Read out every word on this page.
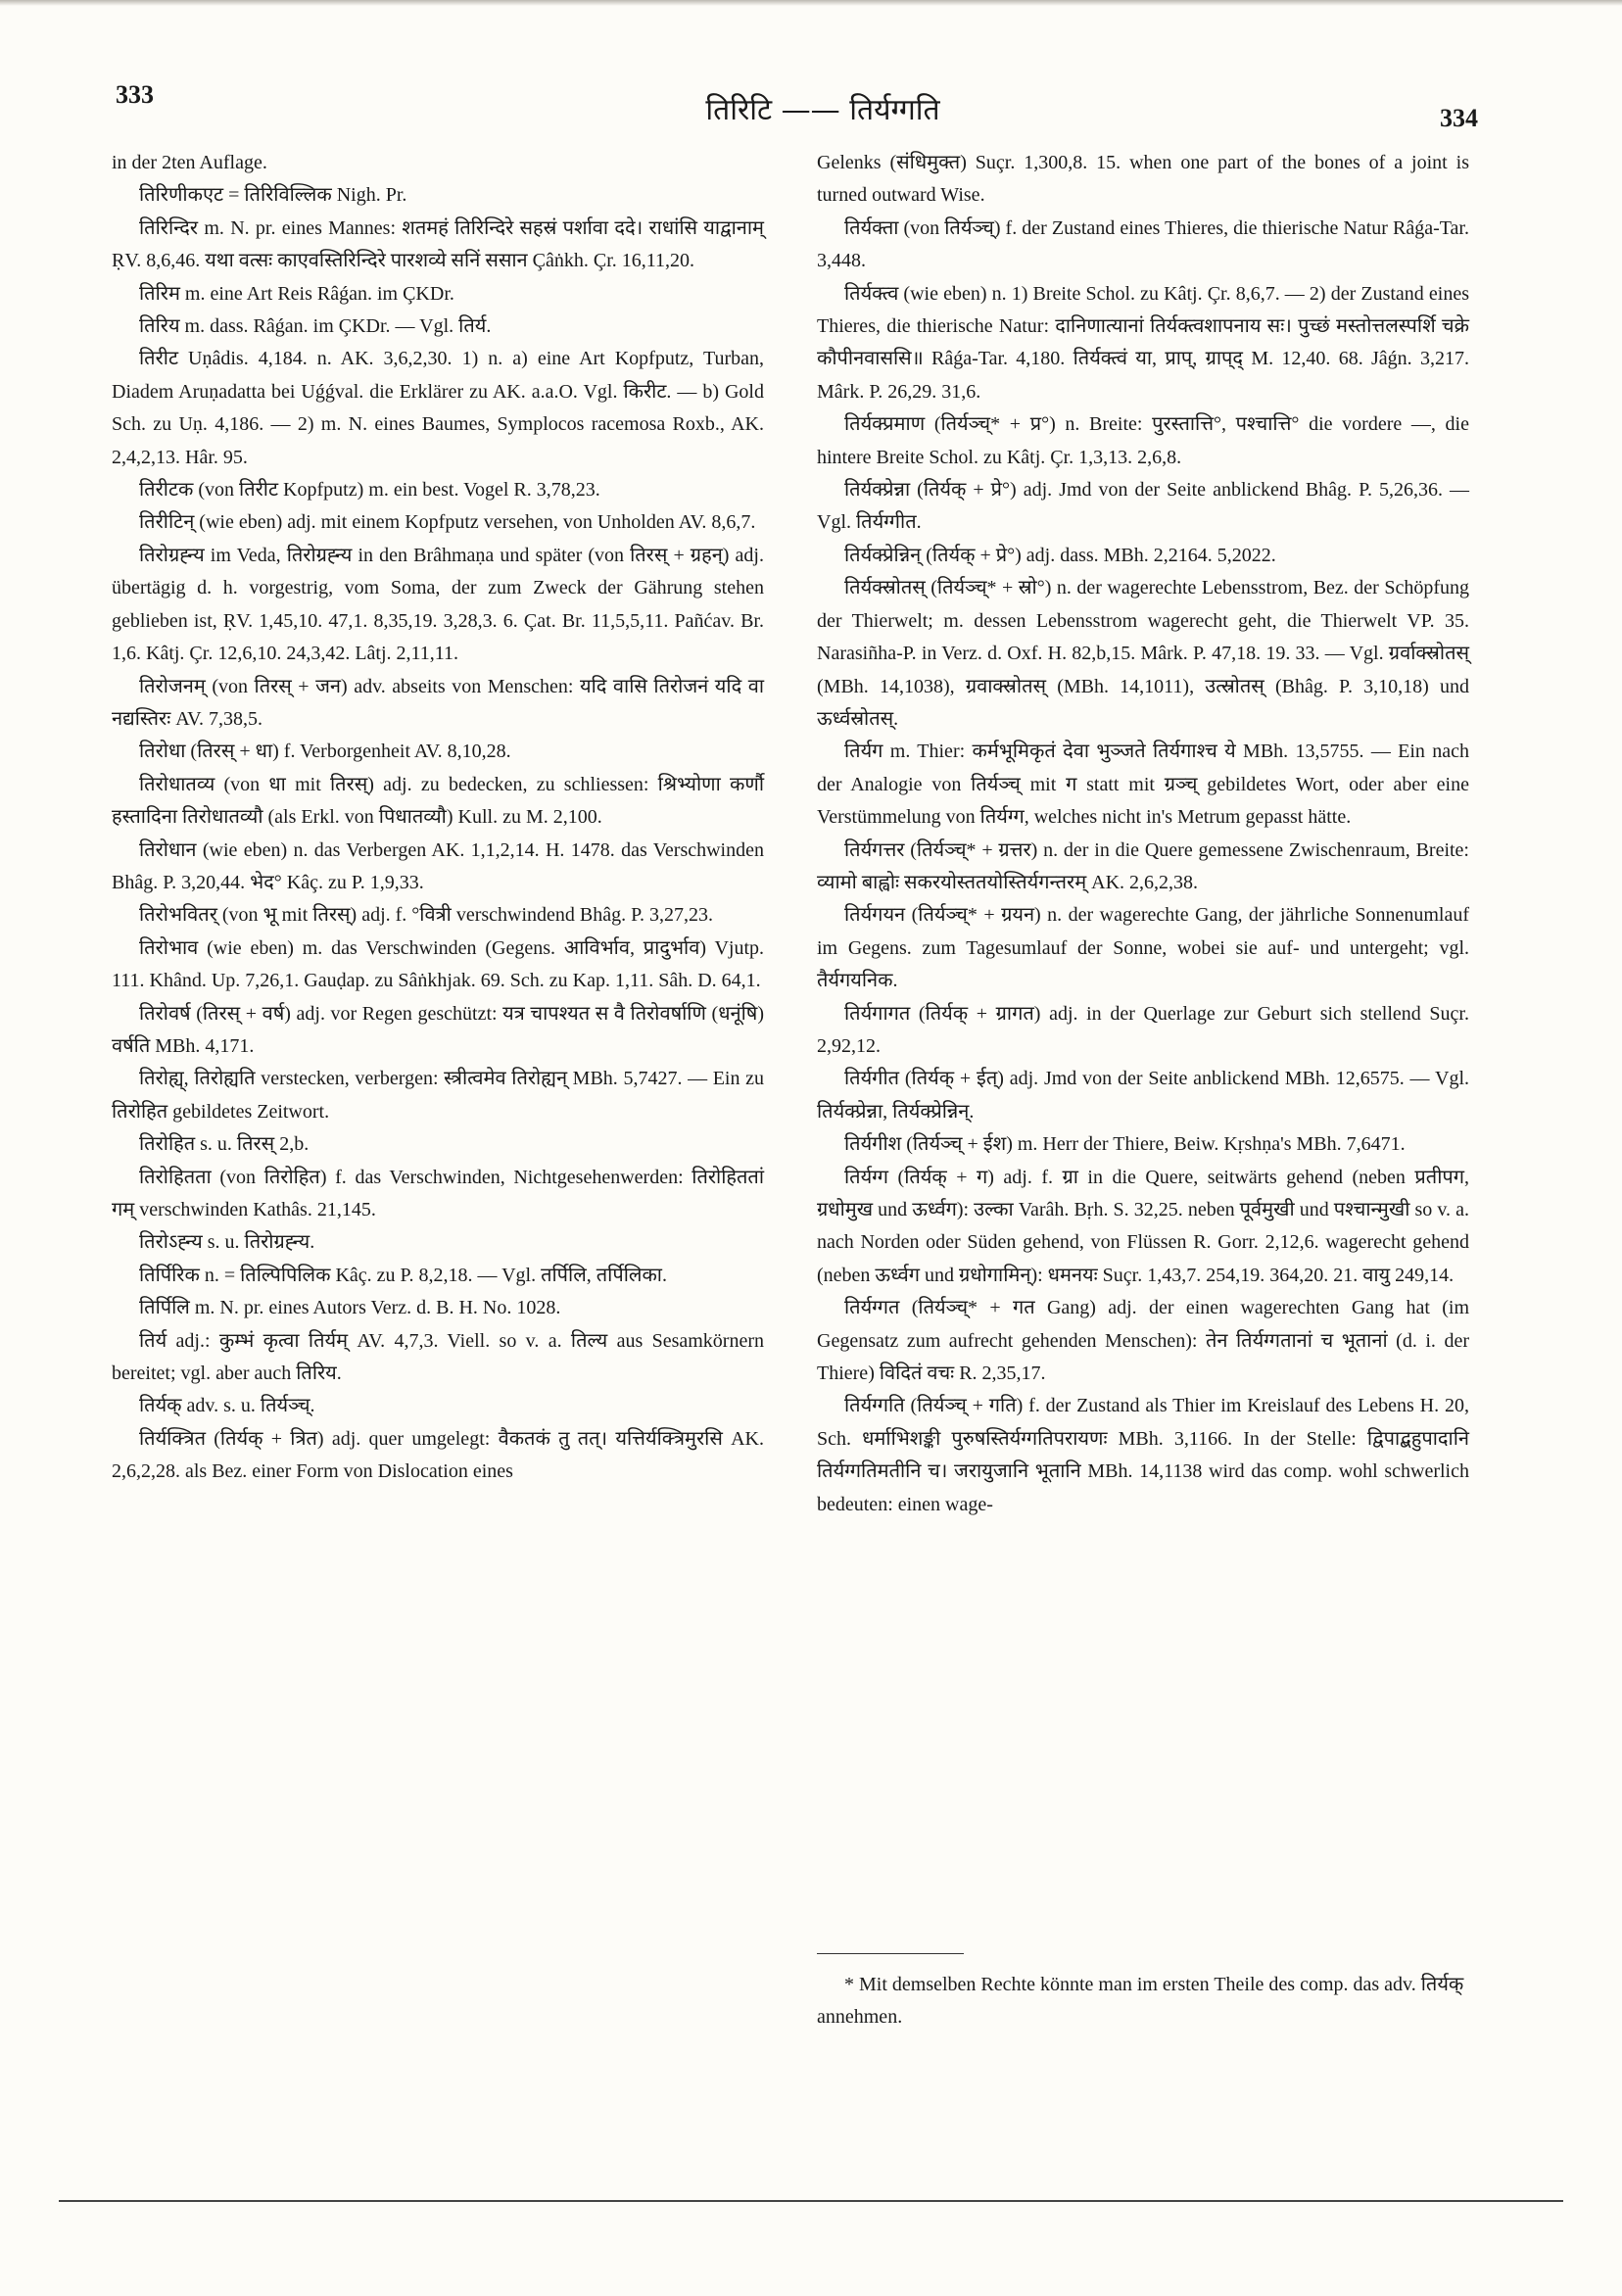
333	तिरिटि —— तिर्यग्गति	334

in der 2ten Auflage.

तिरिणीकएट = तिरिविल्लिक Nigh. Pr.

तिरिन्दिर m. N. pr. eines Mannes: शतमहं तिरिन्दिरे सहस्रं पर्शावा ददे। राधांसि याद्वानाम् ṚV. 8,6,46. यथा वत्सः काएवस्तिरिन्दिरे पारशव्ये सनिं ससान Çâṅkh. Çr. 16,11,20.

तिरिम m. eine Art Reis Râǵan. im ÇKDr.

तिरिय m. dass. Râǵan. im ÇKDr. — Vgl. तिर्य.

तिरीट Uṇâdis. 4,184. n. AK. 3,6,2,30. 1) n. a) eine Art Kopfputz, Turban, Diadem Aruṇadatta bei Uǵǵval. die Erklärer zu AK. a.a.O. Vgl. किरीट. — b) Gold Sch. zu Uṇ. 4,186. — 2) m. N. eines Baumes, Symplocos racemosa Roxb., AK. 2,4,2,13. Hâr. 95.

तिरीटक (von तिरीट Kopfputz) m. ein best. Vogel R. 3,78,23.

तिरीटिन् (wie eben) adj. mit einem Kopfputz versehen, von Unholden AV. 8,6,7.

तिरोग्रह्न्य im Veda, तिरोग्रह्न्य in den Brâhmaṇa und später (von तिरस् + ग्रहन्) adj. übertägig d. h. vorgestrig, vom Soma, der zum Zweck der Gährung stehen geblieben ist, ṚV. 1,45,10. 47,1. 8,35,19. 3,28,3. 6. Çat. Br. 11,5,5,11. Pañćav. Br. 1,6. Kâtj. Çr. 12,6,10. 24,3,42. Lâtj. 2,11,11.

तिरोजनम् (von तिरस् + जन) adv. abseits von Menschen: यदि वासि तिरोजनं यदि वा नद्यस्तिरः AV. 7,38,5.

तिरोधा (तिरस् + धा) f. Verborgenheit AV. 8,10,28.

तिरोधातव्य (von धा mit तिरस्) adj. zu bedecken, zu schliessen: श्रिभ्योणा कर्णौ हस्तादिना तिरोधातव्यौ (als Erkl. von पिधातव्यौ) Kull. zu M. 2,100.

तिरोधान (wie eben) n. das Verbergen AK. 1,1,2,14. H. 1478. das Verschwinden Bhâg. P. 3,20,44. भेद° Kâç. zu P. 1,9,33.

तिरोभवितर् (von भू mit तिरस्) adj. f. °वित्री verschwindend Bhâg. P. 3,27,23.

तिरोभाव (wie eben) m. das Verschwinden (Gegens. आविर्भाव, प्रादुर्भाव) Vjutp. 111. Khând. Up. 7,26,1. Gauḍap. zu Sâṅkhjak. 69. Sch. zu Kap. 1,11. Sâh. D. 64,1.

तिरोवर्ष (तिरस् + वर्ष) adj. vor Regen geschützt: यत्र चापश्यत स वै तिरोवर्षाणि (धनूंषि) वर्षति MBh. 4,171.

तिरोह्य्, तिरोह्यति verstecken, verbergen: स्त्रीत्वमेव तिरोह्यन् MBh. 5,7427. — Ein zu तिरोहित gebildetes Zeitwort.

तिरोहित s. u. तिरस् 2,b.

तिरोहितता (von तिरोहित) f. das Verschwinden, Nichtgesehenwerden: तिरोहिततां गम् verschwinden Kathâs. 21,145.

तिरोऽह्न्य s. u. तिरोग्रह्न्य.

तिर्पिरिक n. = तिल्पिपिलिक Kâç. zu P. 8,2,18. — Vgl. तर्पिलि, तर्पिलिका.

तिर्पिलि m. N. pr. eines Autors Verz. d. B. H. No. 1028.

तिर्य adj.: कुम्भं कृत्वा तिर्यम् AV. 4,7,3. Viell. so v. a. तिल्य aus Sesamkörnern bereitet; vgl. aber auch तिरिय.

तिर्यक् adv. s. u. तिर्यञ्च्.

तिर्यक्त्रित (तिर्यक् + त्रित) adj. quer umgelegt: वैकतकं तु तत्। यत्तिर्यक्त्रिमुरसि AK. 2,6,2,28. als Bez. einer Form von Dislocation eines

Gelenks (संधिमुक्त) Suçr. 1,300,8. 15. when one part of the bones of a joint is turned outward Wise.

तिर्यक्ता (von तिर्यञ्च्) f. der Zustand eines Thieres, die thierische Natur Râǵa-Tar. 3,448.

तिर्यक्त्व (wie eben) n. 1) Breite Schol. zu Kâtj. Çr. 8,6,7. — 2) der Zustand eines Thieres, die thierische Natur: दानिणात्यानां तिर्यक्त्वशापनाय सः। पुच्छं मस्तोत्तलस्पर्शि चक्रे कौपीनवाससि॥ Râǵa-Tar. 4,180. तिर्यक्त्वं या, प्राप्, ग्राप्‌द् M. 12,40. 68. Jâǵn. 3,217. Mârk. P. 26,29. 31,6.

तिर्यक्प्रमाण (तिर्यञ्च्* + प्र°) n. Breite: पुरस्तात्ति°, पश्चात्ति° die vordere —, die hintere Breite Schol. zu Kâtj. Çr. 1,3,13. 2,6,8.

तिर्यक्प्रेन्ना (तिर्यक् + प्रे°) adj. Jmd von der Seite anblickend Bhâg. P. 5,26,36. — Vgl. तिर्यग्गीत.

तिर्यक्प्रेन्निन् (तिर्यक् + प्रे°) adj. dass. MBh. 2,2164. 5,2022.

तिर्यक्स्रोतस् (तिर्यञ्च्* + स्रो°) n. der wagerechte Lebensstrom, Bez. der Schöpfung der Thierwelt; m. dessen Lebensstrom wagerecht geht, die Thierwelt VP. 35. Narasiñha-P. in Verz. d. Oxf. H. 82,b,15. Mârk. P. 47,18. 19. 33. — Vgl. ग्रर्वाक्स्रोतस् (MBh. 14,1038), ग्रवाक्स्रोतस् (MBh. 14,1011), उत्स्रोतस् (Bhâg. P. 3,10,18) und ऊर्ध्वस्रोतस्.

तिर्यग m. Thier: कर्मभूमिकृतं देवा भुञ्जते तिर्यगाश्च ये MBh. 13,5755. — Ein nach der Analogie von तिर्यञ्च् mit ग statt mit ग्रञ्च् gebildetes Wort, oder aber eine Verstümmelung von तिर्यग्ग, welches nicht in's Metrum gepasst hätte.

तिर्यगत्तर (तिर्यञ्च्* + ग्रत्तर) n. der in die Quere gemessene Zwischenraum, Breite: व्यामो बाह्वोः सकरयोस्ततयोस्तिर्यगन्तरम् AK. 2,6,2,38.

तिर्यगयन (तिर्यञ्च्* + ग्रयन) n. der wagerechte Gang, der jährliche Sonnenumlauf im Gegens. zum Tagesumlauf der Sonne, wobei sie auf- und untergeht; vgl. तैर्यगयनिक.

तिर्यगागत (तिर्यक् + ग्रागत) adj. in der Querlage zur Geburt sich stellend Suçr. 2,92,12.

तिर्यगीत (तिर्यक् + ईत्) adj. Jmd von der Seite anblickend MBh. 12,6575. — Vgl. तिर्यक्प्रेन्ना, तिर्यक्प्रेन्निन्.

तिर्यगीश (तिर्यञ्च् + ईश) m. Herr der Thiere, Beiw. Kṛshṇa's MBh. 7,6471.

तिर्यग्ग (तिर्यक् + ग) adj. f. ग्रा in die Quere, seitwärts gehend (neben प्रतीपग, ग्रधोमुख und ऊर्ध्वग): उल्का Varâh. Bṛh. S. 32,25. neben पूर्वमुखी und पश्चान्मुखी so v. a. nach Norden oder Süden gehend, von Flüssen R. Gorr. 2,12,6. wagerecht gehend (neben ऊर्ध्वग und ग्रधोगामिन्): धमनयः Suçr. 1,43,7. 254,19. 364,20. 21. वायु 249,14.

तिर्यग्गत (तिर्यञ्च्* + गत Gang) adj. der einen wagerechten Gang hat (im Gegensatz zum aufrecht gehenden Menschen): तेन तिर्यग्गतानां च भूतानां (d. i. der Thiere) विदितं वचः R. 2,35,17.

तिर्यग्गति (तिर्यञ्च् + गति) f. der Zustand als Thier im Kreislauf des Lebens H. 20, Sch. धर्माभिशङ्की पुरुषस्तिर्यग्गतिपरायणः MBh. 3,1166. In der Stelle: द्विपाद्बहुपादानि तिर्यग्गतिमतीनि च। जरायुजानि भूतानि MBh. 14,1138 wird das comp. wohl schwerlich bedeuten: einen wage-

* Mit demselben Rechte könnte man im ersten Theile des comp. das adv. तिर्यक् annehmen.
